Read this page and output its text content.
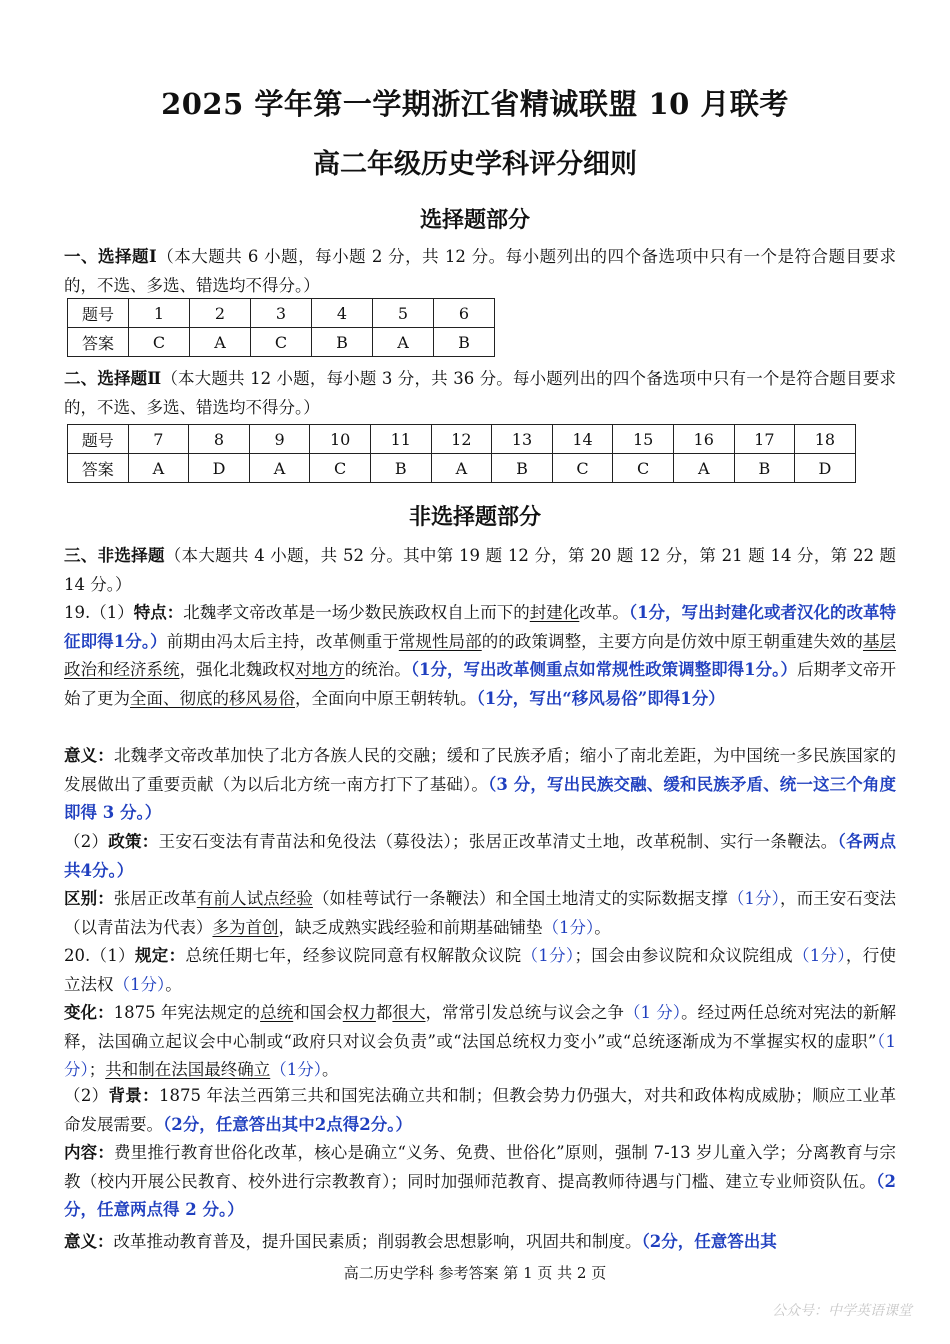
2025 学年第一学期浙江省精诚联盟 10 月联考
高二年级历史学科评分细则
选择题部分

一、选择题Ⅰ（本大题共 6 小题，每小题 2 分，共 12 分。每小题列出的四个备选项中只有一个是符合题目要求的，不选、多选、错选均不得分。）

题号	1	2	3	4	5	6
答案	C	A	C	B	A	B

二、选择题Ⅱ（本大题共 12 小题，每小题 3 分，共 36 分。每小题列出的四个备选项中只有一个是符合题目要求的，不选、多选、错选均不得分。）

题号	7	8	9	10	11	12	13	14	15	16	17	18
答案	A	D	A	C	B	A	B	C	C	A	B	D
非选择题部分

三、非选择题（本大题共 4 小题，共 52 分。其中第 19 题 12 分，第 20 题 12 分，第 21 题 14 分，第 22 题 14 分。）

19.（1）特点：北魏孝文帝改革是一场少数民族政权自上而下的封建化改革。（1分，写出封建化或者汉化的改革特征即得1分。）前期由冯太后主持，改革侧重于常规性局部的的政策调整，主要方向是仿效中原王朝重建失效的基层政治和经济系统，强化北魏政权对地方的统治。（1分，写出改革侧重点如常规性政策调整即得1分。）后期孝文帝开始了更为全面、彻底的移风易俗，全面向中原王朝转轨。（1分，写出“移风易俗”即得1分）

意义：北魏孝文帝改革加快了北方各族人民的交融；缓和了民族矛盾；缩小了南北差距，为中国统一多民族国家的发展做出了重要贡献（为以后北方统一南方打下了基础）。（3 分，写出民族交融、缓和民族矛盾、统一这三个角度即得 3 分。）

（2）政策：王安石变法有青苗法和免役法（募役法）；张居正改革清丈土地，改革税制、实行一条鞭法。（各两点共4分。）

区别：张居正改革有前人试点经验（如桂萼试行一条鞭法）和全国土地清丈的实际数据支撑（1分），而王安石变法（以青苗法为代表）多为首创，缺乏成熟实践经验和前期基础铺垫（1分）。

20.（1）规定：总统任期七年，经参议院同意有权解散众议院（1分）；国会由参议院和众议院组成（1分），行使立法权（1分）。

变化：1875 年宪法规定的总统和国会权力都很大，常常引发总统与议会之争（1 分）。经过两任总统对宪法的新解释，法国确立起议会中心制或“政府只对议会负责”或“法国总统权力变小”或“总统逐渐成为不掌握实权的虚职”（1分）；共和制在法国最终确立（1分）。

（2）背景：1875 年法兰西第三共和国宪法确立共和制；但教会势力仍强大，对共和政体构成威胁；顺应工业革命发展需要。（2分，任意答出其中2点得2分。）

内容：费里推行教育世俗化改革，核心是确立“义务、免费、世俗化”原则，强制 7-13 岁儿童入学；分离教育与宗教（校内开展公民教育、校外进行宗教教育）；同时加强师范教育、提高教师待遇与门槛、建立专业师资队伍。（2分，任意两点得 2 分。）

意义：改革推动教育普及，提升国民素质；削弱教会思想影响，巩固共和制度。（2分，任意答出其

高二历史学科 参考答案 第 1 页 共 2 页

公众号：中学英语课堂
